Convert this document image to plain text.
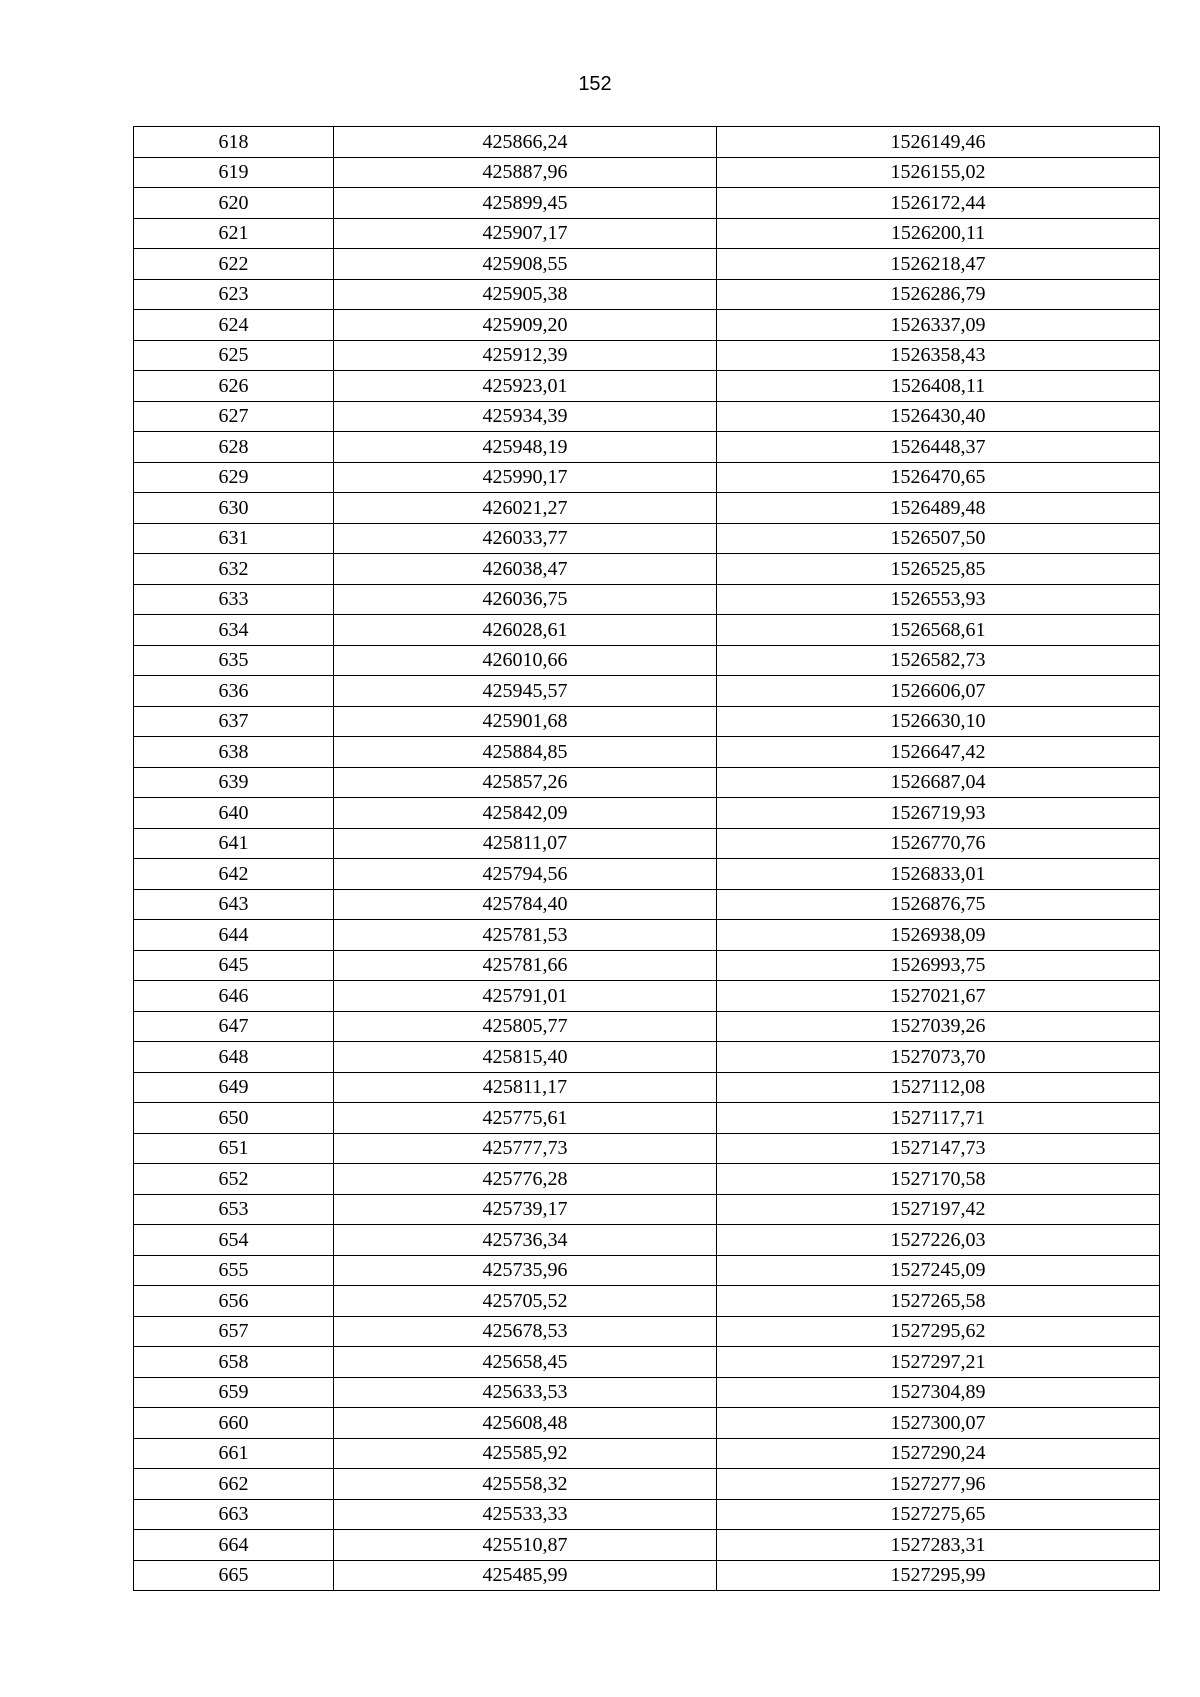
152
618	425866,24	1526149,46
619	425887,96	1526155,02
620	425899,45	1526172,44
621	425907,17	1526200,11
622	425908,55	1526218,47
623	425905,38	1526286,79
624	425909,20	1526337,09
625	425912,39	1526358,43
626	425923,01	1526408,11
627	425934,39	1526430,40
628	425948,19	1526448,37
629	425990,17	1526470,65
630	426021,27	1526489,48
631	426033,77	1526507,50
632	426038,47	1526525,85
633	426036,75	1526553,93
634	426028,61	1526568,61
635	426010,66	1526582,73
636	425945,57	1526606,07
637	425901,68	1526630,10
638	425884,85	1526647,42
639	425857,26	1526687,04
640	425842,09	1526719,93
641	425811,07	1526770,76
642	425794,56	1526833,01
643	425784,40	1526876,75
644	425781,53	1526938,09
645	425781,66	1526993,75
646	425791,01	1527021,67
647	425805,77	1527039,26
648	425815,40	1527073,70
649	425811,17	1527112,08
650	425775,61	1527117,71
651	425777,73	1527147,73
652	425776,28	1527170,58
653	425739,17	1527197,42
654	425736,34	1527226,03
655	425735,96	1527245,09
656	425705,52	1527265,58
657	425678,53	1527295,62
658	425658,45	1527297,21
659	425633,53	1527304,89
660	425608,48	1527300,07
661	425585,92	1527290,24
662	425558,32	1527277,96
663	425533,33	1527275,65
664	425510,87	1527283,31
665	425485,99	1527295,99
